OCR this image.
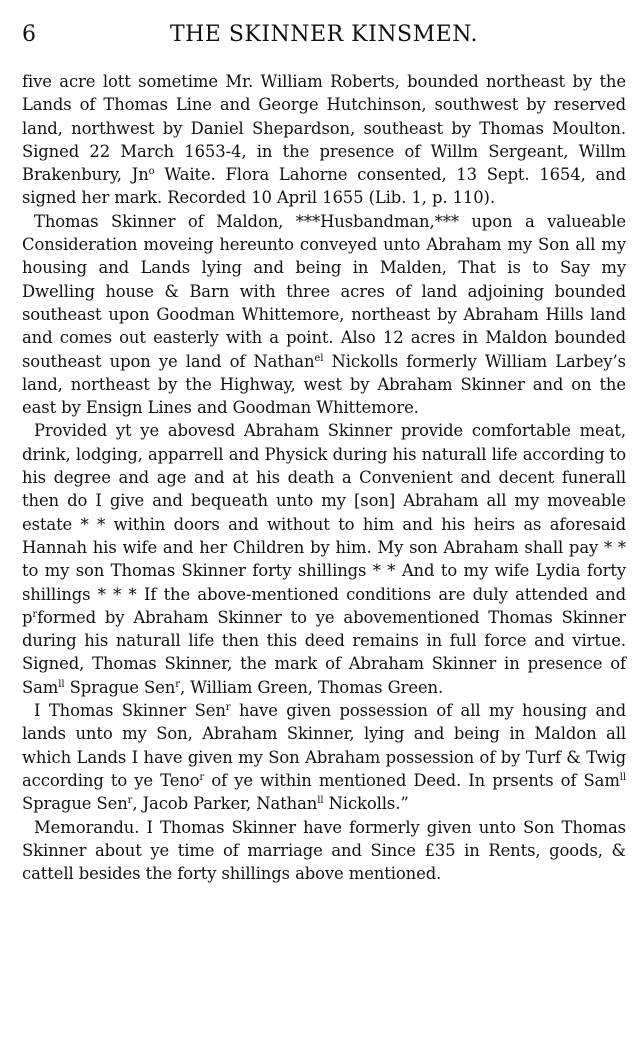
6	THE SKINNER KINSMEN.

five acre lott sometime Mr. William Roberts, bounded northeast by the Lands of Thomas Line and George Hutchinson, southwest by reserved land, northwest by Daniel Shepardson, southeast by Thomas Moulton. Signed 22 March 1653-4, in the presence of Willm Sergeant, Willm Brakenbury, Jn$^o$ Waite. Flora Lahorne consented, 13 Sept. 1654, and signed her mark. Recorded 10 April 1655 (Lib. 1, p. 110).

Thomas Skinner of Maldon, ***Husbandman,*** upon a valueable Consideration moveing hereunto conveyed unto Abraham my Son all my housing and Lands lying and being in Malden, That is to Say my Dwelling house & Barn with three acres of land adjoining bounded southeast upon Goodman Whittemore, northeast by Abraham Hills land and comes out easterly with a point. Also 12 acres in Maldon bounded southeast upon ye land of Nathan$^{el}$ Nickolls formerly William Larbey’s land, northeast by the Highway, west by Abraham Skinner and on the east by Ensign Lines and Goodman Whittemore.

Provided yt ye abovesd Abraham Skinner provide comfortable meat, drink, lodging, apparrell and Physick during his naturall life according to his degree and age and at his death a Convenient and decent funerall then do I give and bequeath unto my [son] Abraham all my moveable estate * * within doors and without to him and his heirs as aforesaid Hannah his wife and her Children by him. My son Abraham shall pay * * to my son Thomas Skinner forty shillings * * And to my wife Lydia forty shillings * * * If the above-mentioned conditions are duly attended and $p^rformed$ by Abraham Skinner to ye abovementioned Thomas Skinner during his naturall life then this deed remains in full force and virtue. Signed, Thomas Skinner, the mark of Abraham Skinner in presence of Sam$^{ll}$ Sprague Sen$^r$, William Green, Thomas Green.

I Thomas Skinner Sen$^r$ have given possession of all my housing and lands unto my Son, Abraham Skinner, lying and being in Maldon all which Lands I have given my Son Abraham possession of by Turf & Twig according to ye Teno$^r$ of ye within mentioned Deed. In prsents of Sam$^{ll}$ Sprague Sen$^r$, Jacob Parker, Nathan$^{ll}$ Nickolls.”

Memorandu. I Thomas Skinner have formerly given unto Son Thomas Skinner about ye time of marriage and Since £35 in Rents, goods, & cattell besides the forty shillings above mentioned.
